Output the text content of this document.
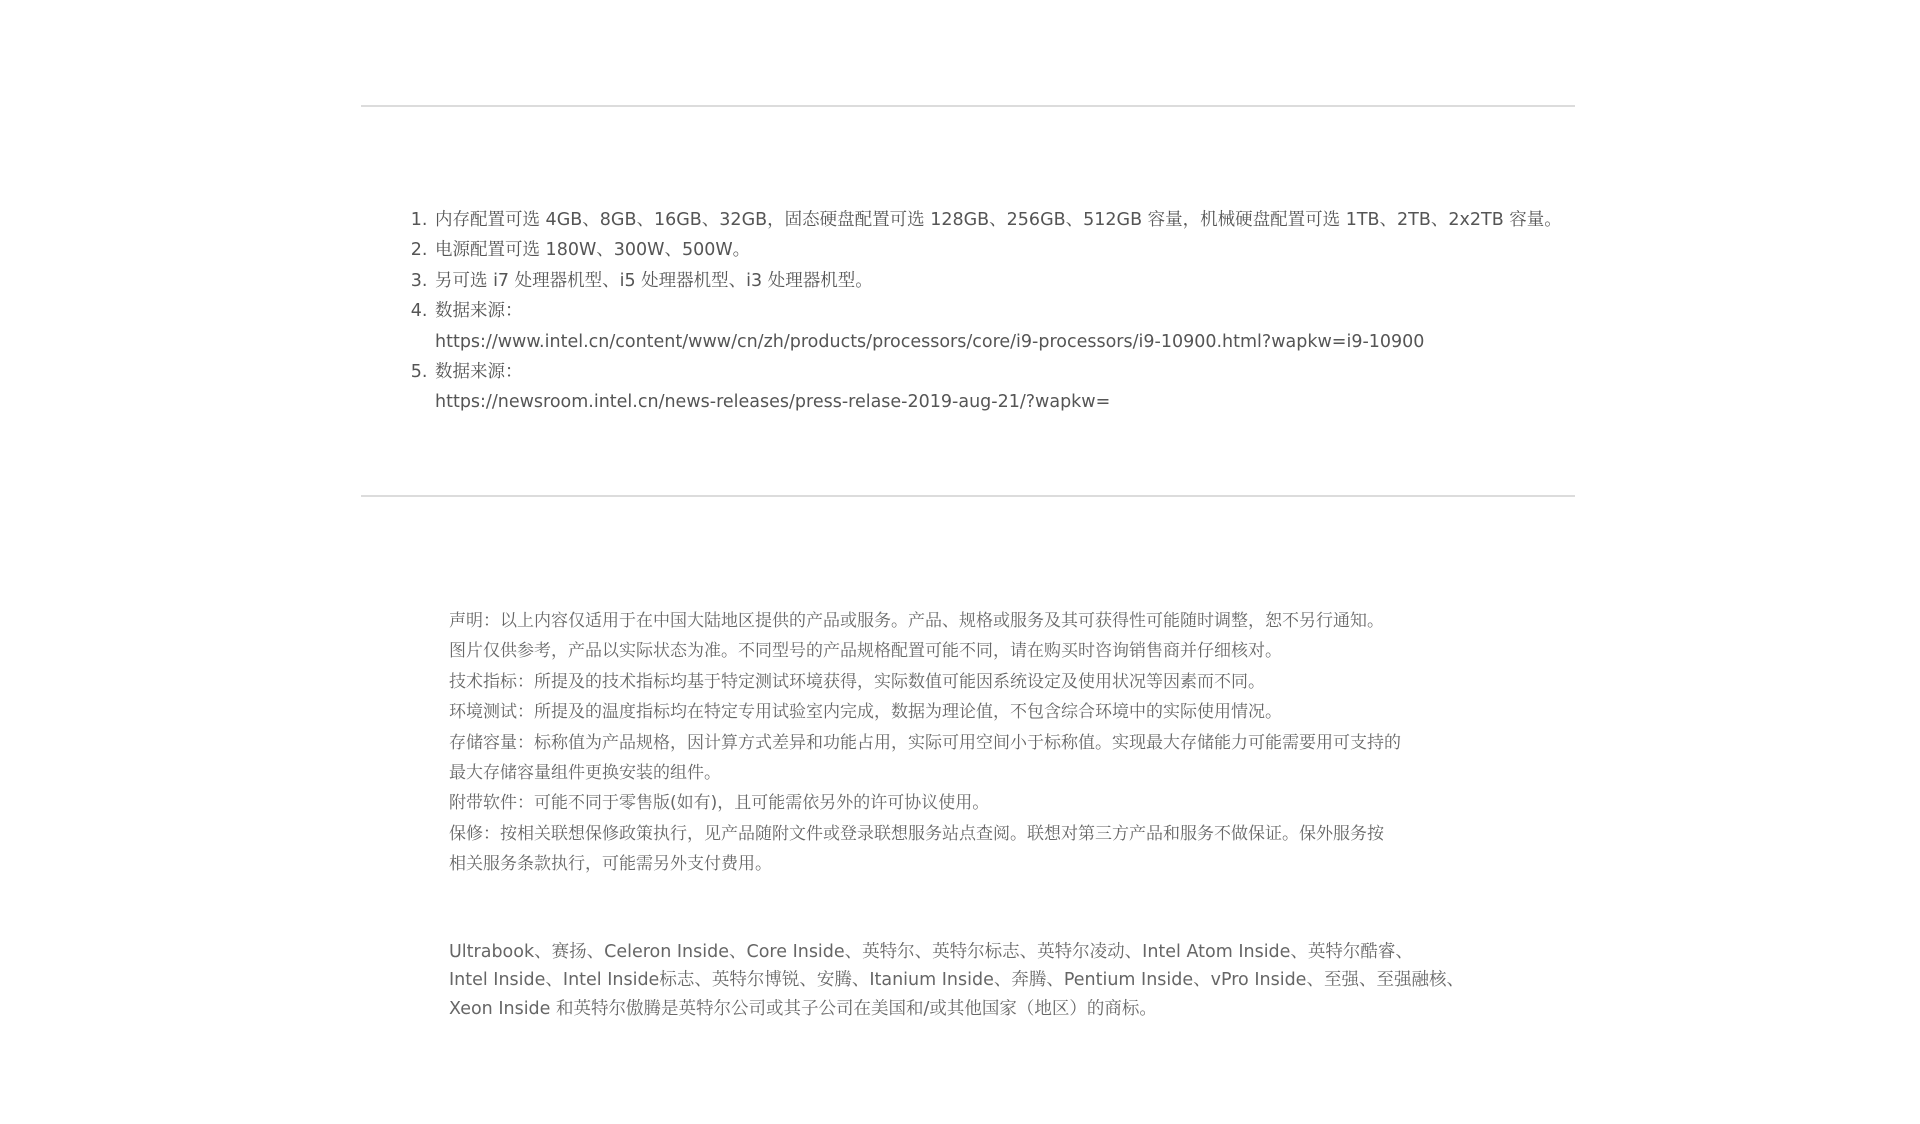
1. 内存配置可选 4GB、8GB、16GB、32GB，固态硬盘配置可选 128GB、256GB、512GB 容量，机械硬盘配置可选 1TB、2TB、2x2TB 容量。
2. 电源配置可选 180W、300W、500W。
3. 另可选 i7 处理器机型、i5 处理器机型、i3 处理器机型。
4. 数据来源：
https://www.intel.cn/content/www/cn/zh/products/processors/core/i9-processors/i9-10900.html?wapkw=i9-10900
5. 数据来源：
https://newsroom.intel.cn/news-releases/press-relase-2019-aug-21/?wapkw=

声明：以上内容仅适用于在中国大陆地区提供的产品或服务。产品、规格或服务及其可获得性可能随时调整，恕不另行通知。

图片仅供参考，产品以实际状态为准。不同型号的产品规格配置可能不同，请在购买时咨询销售商并仔细核对。

技术指标：所提及的技术指标均基于特定测试环境获得，实际数值可能因系统设定及使用状况等因素而不同。

环境测试：所提及的温度指标均在特定专用试验室内完成，数据为理论值，不包含综合环境中的实际使用情况。

存储容量：标称值为产品规格，因计算方式差异和功能占用，实际可用空间小于标称值。实现最大存储能力可能需要用可支持的

最大存储容量组件更换安装的组件。

附带软件：可能不同于零售版(如有)，且可能需依另外的许可协议使用。

保修：按相关联想保修政策执行，见产品随附文件或登录联想服务站点查阅。联想对第三方产品和服务不做保证。保外服务按

相关服务条款执行，可能需另外支付费用。

Ultrabook、赛扬、Celeron Inside、Core Inside、英特尔、英特尔标志、英特尔凌动、Intel Atom Inside、英特尔酷睿、

Intel Inside、Intel Inside标志、英特尔博锐、安腾、Itanium Inside、奔腾、Pentium Inside、vPro Inside、至强、至强融核、

Xeon Inside 和英特尔傲腾是英特尔公司或其子公司在美国和/或其他国家（地区）的商标。
